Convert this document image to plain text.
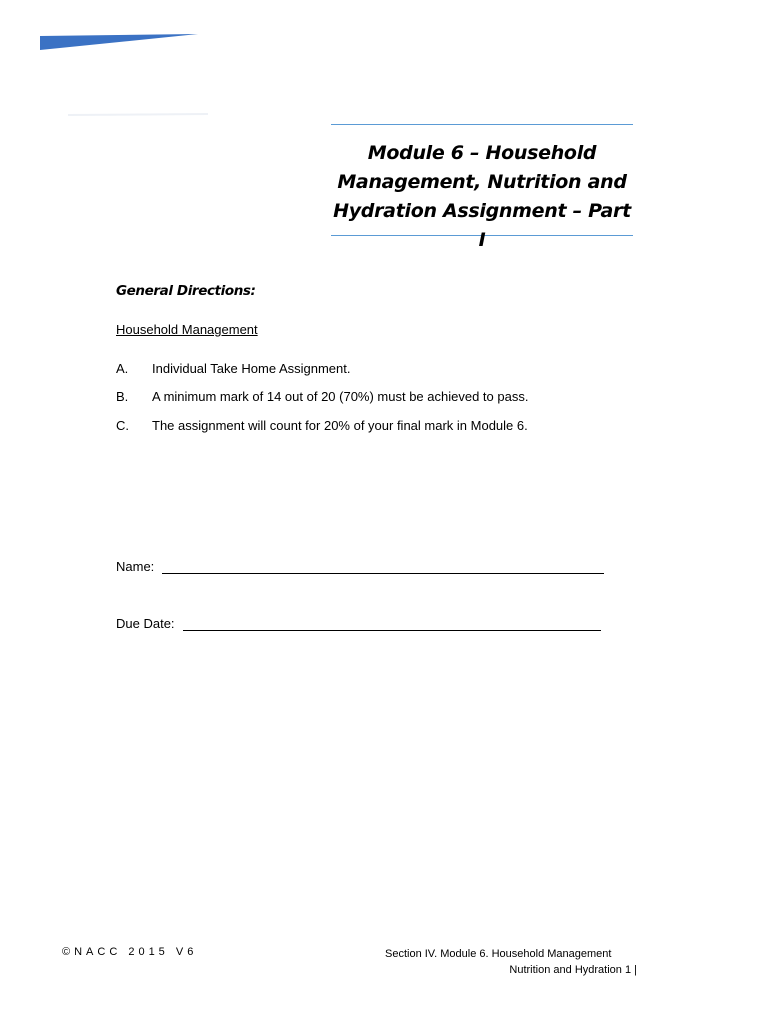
Module 6 – Household Management, Nutrition and Hydration Assignment – Part I
General Directions:
Household Management
A. Individual Take Home Assignment.
B. A minimum mark of 14 out of 20 (70%) must be achieved to pass.
C. The assignment will count for 20% of your final mark in Module 6.
Name:
Due Date:
©NACC 2015 V6	Section IV. Module 6. Household Management
Nutrition and Hydration 1 |
